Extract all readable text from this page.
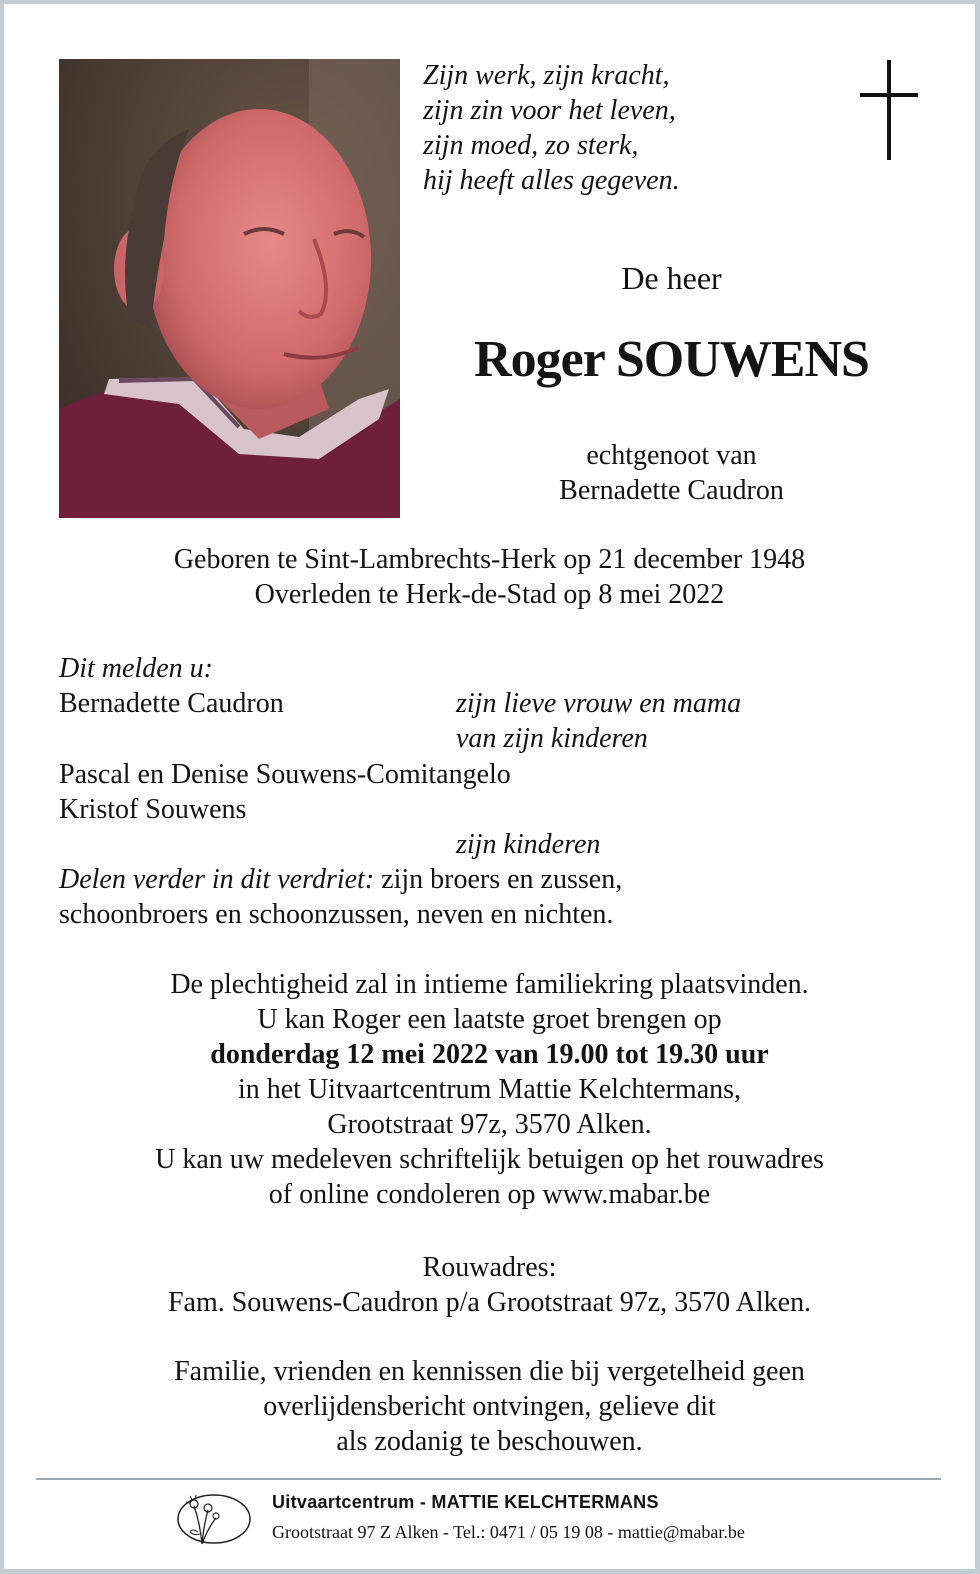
Zijn werk, zijn kracht,
zijn zin voor het leven,
zijn moed, zo sterk,
hij heeft alles gegeven.
De heer
Roger SOUWENS
echtgenoot van
Bernadette Caudron
Geboren te Sint-Lambrechts-Herk op 21 december 1948
Overleden te Herk-de-Stad op 8 mei 2022
Dit melden u:
Bernadette Caudron	zijn lieve vrouw en mama
van zijn kinderen
Pascal en Denise Souwens-Comitangelo
Kristof Souwens
zijn kinderen
Delen verder in dit verdriet: zijn broers en zussen,
schoonbroers en schoonzussen, neven en nichten.
De plechtigheid zal in intieme familiekring plaatsvinden.
U kan Roger een laatste groet brengen op
donderdag 12 mei 2022 van 19.00 tot 19.30 uur
in het Uitvaartcentrum Mattie Kelchtermans,
Grootstraat 97z, 3570 Alken.
U kan uw medeleven schriftelijk betuigen op het rouwadres
of online condoleren op www.mabar.be
Rouwadres:
Fam. Souwens-Caudron p/a Grootstraat 97z, 3570 Alken.
Familie, vrienden en kennissen die bij vergetelheid geen
overlijdensbericht ontvingen, gelieve dit
als zodanig te beschouwen.
Uitvaartcentrum - MATTIE KELCHTERMANS
Grootstraat 97 Z Alken - Tel.: 0471 / 05 19 08 - mattie@mabar.be
